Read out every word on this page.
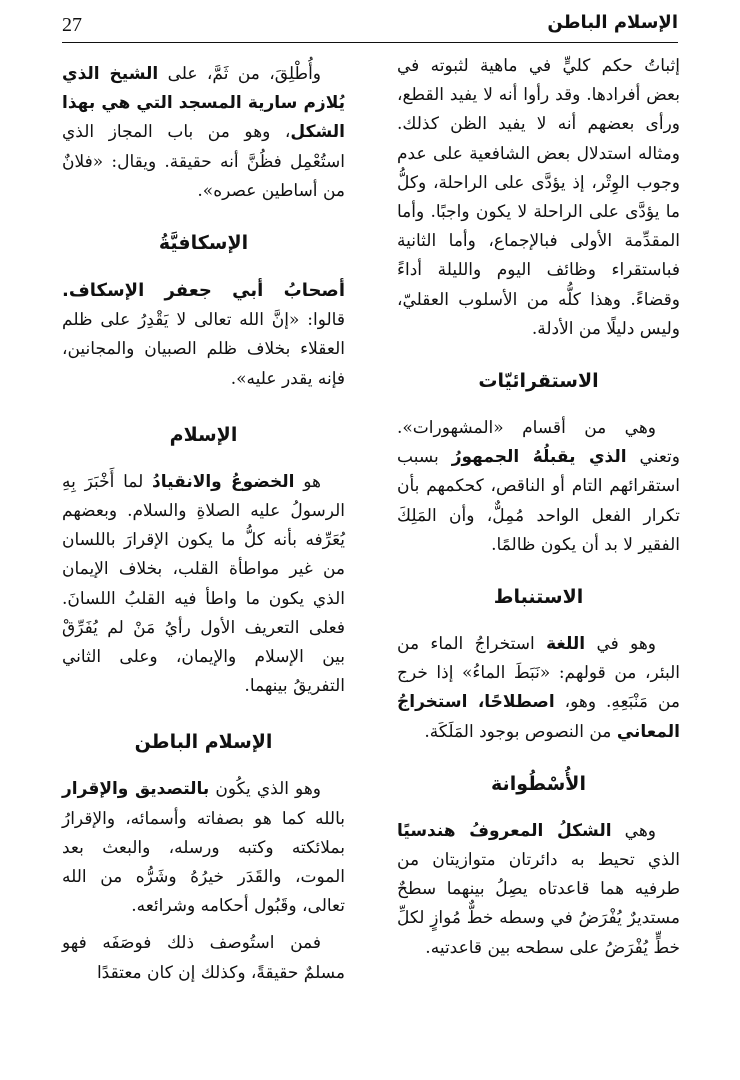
27	الإسلام الباطن

إثباتُ حكم كليٍّ في ماهية لثبوته في بعض أفرادها. وقد رأوا أنه لا يفيد القطع، ورأى بعضهم أنه لا يفيد الظن كذلك. ومثاله استدلال بعض الشافعية على عدم وجوب الوِتْر، إذ يؤدَّى على الراحلة، وكلُّ ما يؤدَّى على الراحلة لا يكون واجبًا. وأما المقدِّمة الأولى فبالإجماع، وأما الثانية فباستقراء وظائف اليوم والليلة أداءً وقضاءً. وهذا كلُّه من الأسلوب العقليّ، وليس دليلًا من الأدلة.

الاستقرائيّات

وهي من أقسام «المشهورات». وتعني الذي يقبلُهُ الجمهورُ بسبب استقرائهم التام أو الناقص، كحكمهم بأن تكرار الفعل الواحد مُمِلٌّ، وأن المَلِكَ الفقير لا بد أن يكون ظالمًا.

الاستنباط

وهو في اللغة استخراجُ الماء من البئر، من قولهم: «نَبَطَ الماءُ» إذا خرج من مَنْبَعِهِ. وهو، اصطلاحًا، استخراجُ المعاني من النصوص بوجود المَلَكَة.

الأُسْطُوانة

وهي الشكلُ المعروفُ هندسيًا الذي تحيط به دائرتان متوازيتان من طرفيه هما قاعدتاه يصِلُ بينهما سطحٌ مستديرٌ يُفْرَضُ في وسطه خطٌّ مُوازٍ لكلِّ خطٍّ يُفْرَضُ على سطحه بين قاعدتيه.

وأُطْلِقَ، من ثَمَّ، على الشيخ الذي يُلازم سارية المسجد التي هي بهذا الشكل، وهو من باب المجاز الذي استُعْمِل فظُنَّ أنه حقيقة. ويقال: «فلانٌ من أساطين عصره».

الإسكافيَّةُ

أصحابُ أبي جعفر الإسكاف. قالوا: «إنَّ الله تعالى لا يَقْدِرُ على ظلم العقلاء بخلاف ظلم الصبيان والمجانين، فإنه يقدر عليه».

الإسلام

هو الخضوعُ والانقيادُ لما أَخْبَرَ بِهِ الرسولُ عليه الصلاةِ والسلام. وبعضهم يُعَرِّفه بأنه كلُّ ما يكون الإقرارَ باللسان من غير مواطأة القلب، بخلاف الإيمان الذي يكون ما واطأ فيه القلبُ اللسانَ. فعلى التعريف الأول رأيُ مَنْ لم يُفَرِّقْ بين الإسلام والإيمان، وعلى الثاني التفريقُ بينهما.

الإسلام الباطن

وهو الذي يكُون بالتصديق والإقرار بالله كما هو بصفاته وأسمائه، والإقرارُ بملائكته وكتبه ورسله، والبعث بعد الموت، والقَدَر خيرُهُ وشَرُّه من الله تعالى، وقَبُول أحكامه وشرائعه.

فمن استُوصف ذلك فوصَفَه فهو مسلمٌ حقيقةً، وكذلك إن كان معتقدًا
